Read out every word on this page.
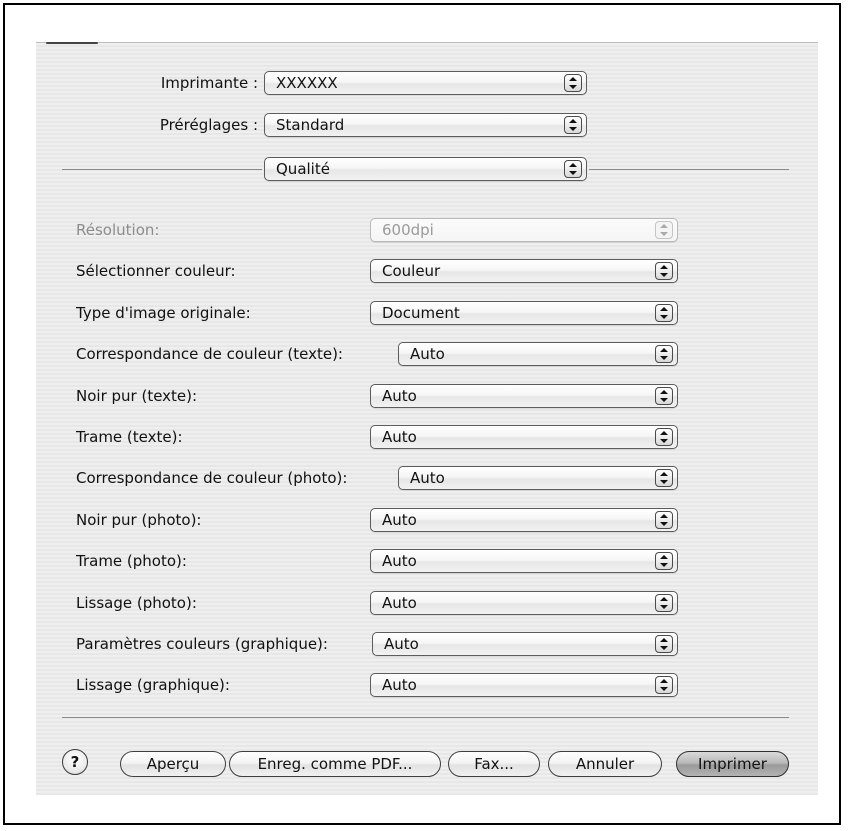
Imprimante : XXXXXX
Préréglages : Standard
Qualité
Résolution:	600dpi
Sélectionner couleur:	Couleur
Type d'image originale:	Document
Correspondance de couleur (texte):	Auto
Noir pur (texte):	Auto
Trame (texte):	Auto
Correspondance de couleur (photo):	Auto
Noir pur (photo):	Auto
Trame (photo):	Auto
Lissage (photo):	Auto
Paramètres couleurs (graphique):	Auto
Lissage (graphique):	Auto
?	Aperçu	Enreg. comme PDF...	Fax...	Annuler	Imprimer
